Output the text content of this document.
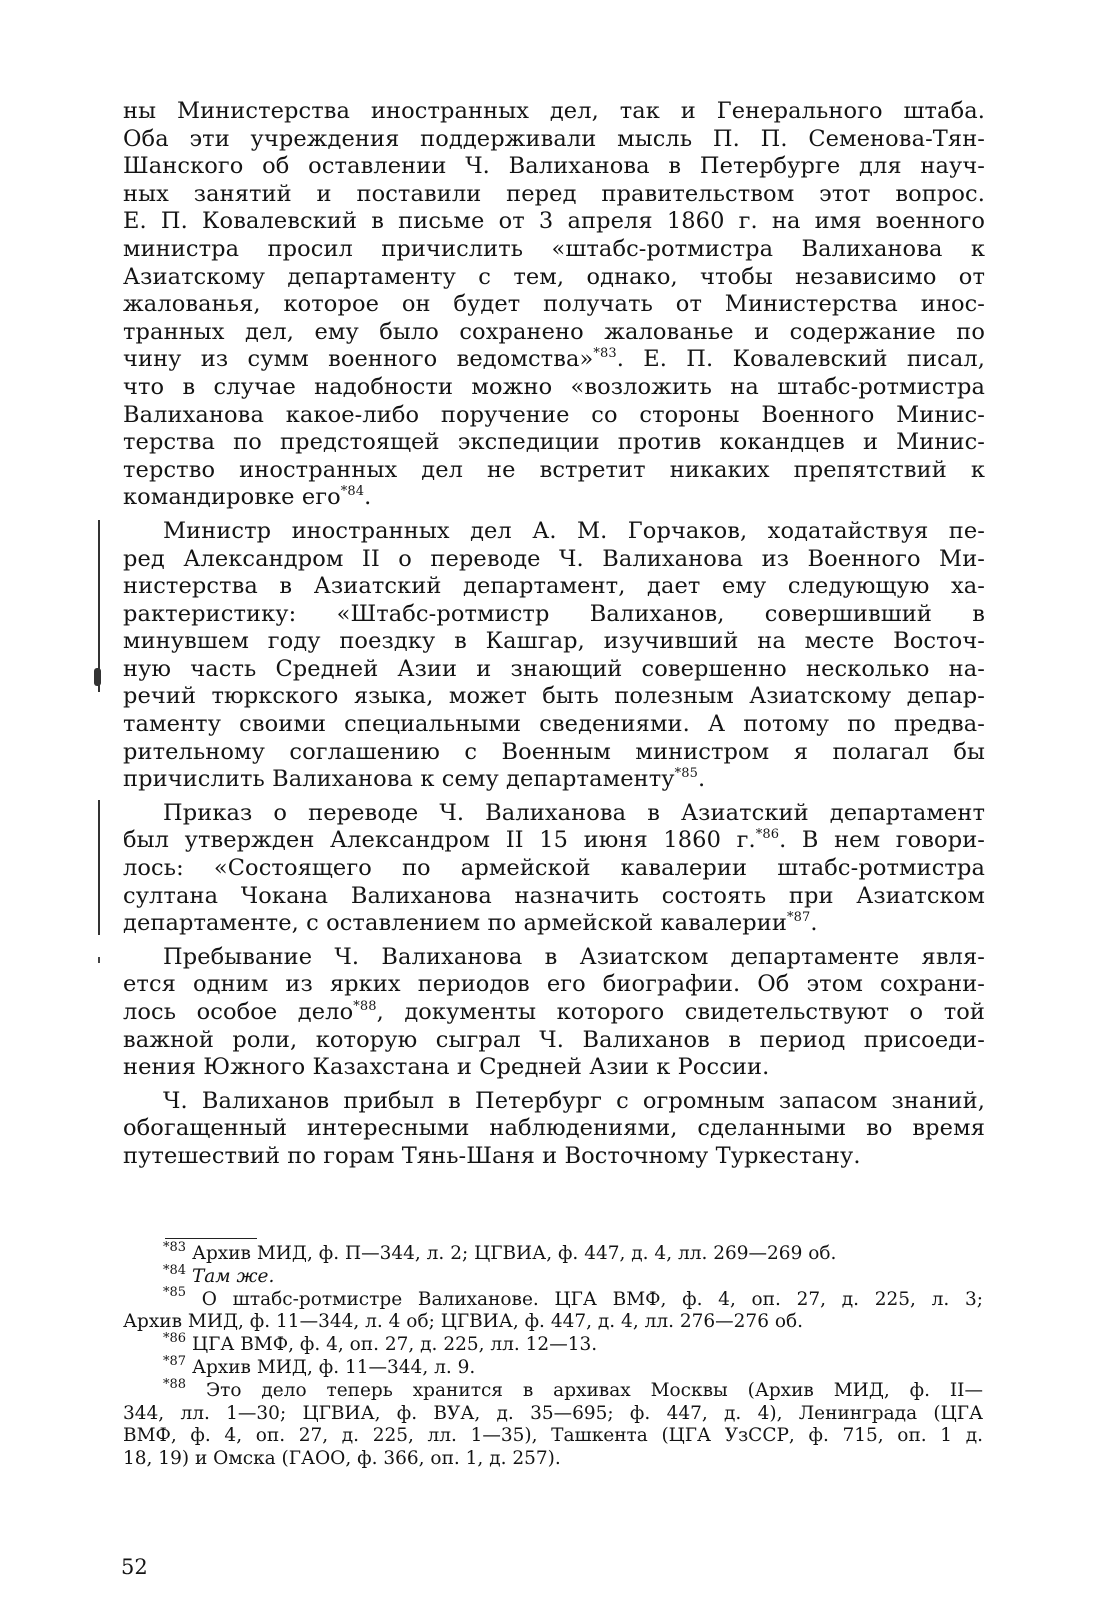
ны Министерства иностранных дел, так и Генерального штаба.
Оба эти учреждения поддерживали мысль П. П. Семенова-Тян-
Шанского об оставлении Ч. Валиханова в Петербурге для науч-
ных занятий и поставили перед правительством этот вопрос.
Е. П. Ковалевский в письме от 3 апреля 1860 г. на имя военного
министра просил причислить «штабс-ротмистра Валиханова к
Азиатскому департаменту с тем, однако, чтобы независимо от
жалованья, которое он будет получать от Министерства инос-
транных дел, ему было сохранено жалованье и содержание по
чину из сумм военного ведомства»$^{*83}$. Е. П. Ковалевский писал,
что в случае надобности можно «возложить на штабс-ротмистра
Валиханова какое-либо поручение со стороны Военного Минис-
терства по предстоящей экспедиции против кокандцев и Минис-
терство иностранных дел не встретит никаких препятствий к
командировке его$^{*84}$.
Министр иностранных дел А. М. Горчаков, ходатайствуя пе-
ред Александром II о переводе Ч. Валиханова из Военного Ми-
нистерства в Азиатский департамент, дает ему следующую ха-
рактеристику: «Штабс-ротмистр Валиханов, совершивший в
минувшем году поездку в Кашгар, изучивший на месте Восточ-
ную часть Средней Азии и знающий совершенно несколько на-
речий тюркского языка, может быть полезным Азиатскому депар-
таменту своими специальными сведениями. А потому по предва-
рительному соглашению с Военным министром я полагал бы
причислить Валиханова к сему департаменту$^{*85}$.
Приказ о переводе Ч. Валиханова в Азиатский департамент
был утвержден Александром II 15 июня 1860 г.$^{*86}$. В нем говори-
лось: «Состоящего по армейской кавалерии штабс-ротмистра
султана Чокана Валиханова назначить состоять при Азиатском
департаменте, с оставлением по армейской кавалерии$^{*87}$.
Пребывание Ч. Валиханова в Азиатском департаменте явля-
ется одним из ярких периодов его биографии. Об этом сохрани-
лось особое дело$^{*88}$, документы которого свидетельствуют о той
важной роли, которую сыграл Ч. Валиханов в период присоеди-
нения Южного Казахстана и Средней Азии к России.
Ч. Валиханов прибыл в Петербург с огромным запасом знаний,
обогащенный интересными наблюдениями, сделанными во время
путешествий по горам Тянь-Шаня и Восточному Туркестану.
$^{*83}$ Архив МИД, ф. П—344, л. 2; ЦГВИА, ф. 447, д. 4, лл. 269—269 об.
$^{*84}$ Там же.
$^{*85}$ О штабс-ротмистре Валиханове. ЦГА ВМФ, ф. 4, оп. 27, д. 225, л. 3;
Архив МИД, ф. 11—344, л. 4 об; ЦГВИА, ф. 447, д. 4, лл. 276—276 об.
$^{*86}$ ЦГА ВМФ, ф. 4, оп. 27, д. 225, лл. 12—13.
$^{*87}$ Архив МИД, ф. 11—344, л. 9.
$^{*88}$ Это дело теперь хранится в архивах Москвы (Архив МИД, ф. II—
344, лл. 1—30; ЦГВИА, ф. ВУА, д. 35—695; ф. 447, д. 4), Ленинграда (ЦГА
ВМФ, ф. 4, оп. 27, д. 225, лл. 1—35), Ташкента (ЦГА УзССР, ф. 715, оп. 1 д.
18, 19) и Омска (ГАОО, ф. 366, оп. 1, д. 257).
52
